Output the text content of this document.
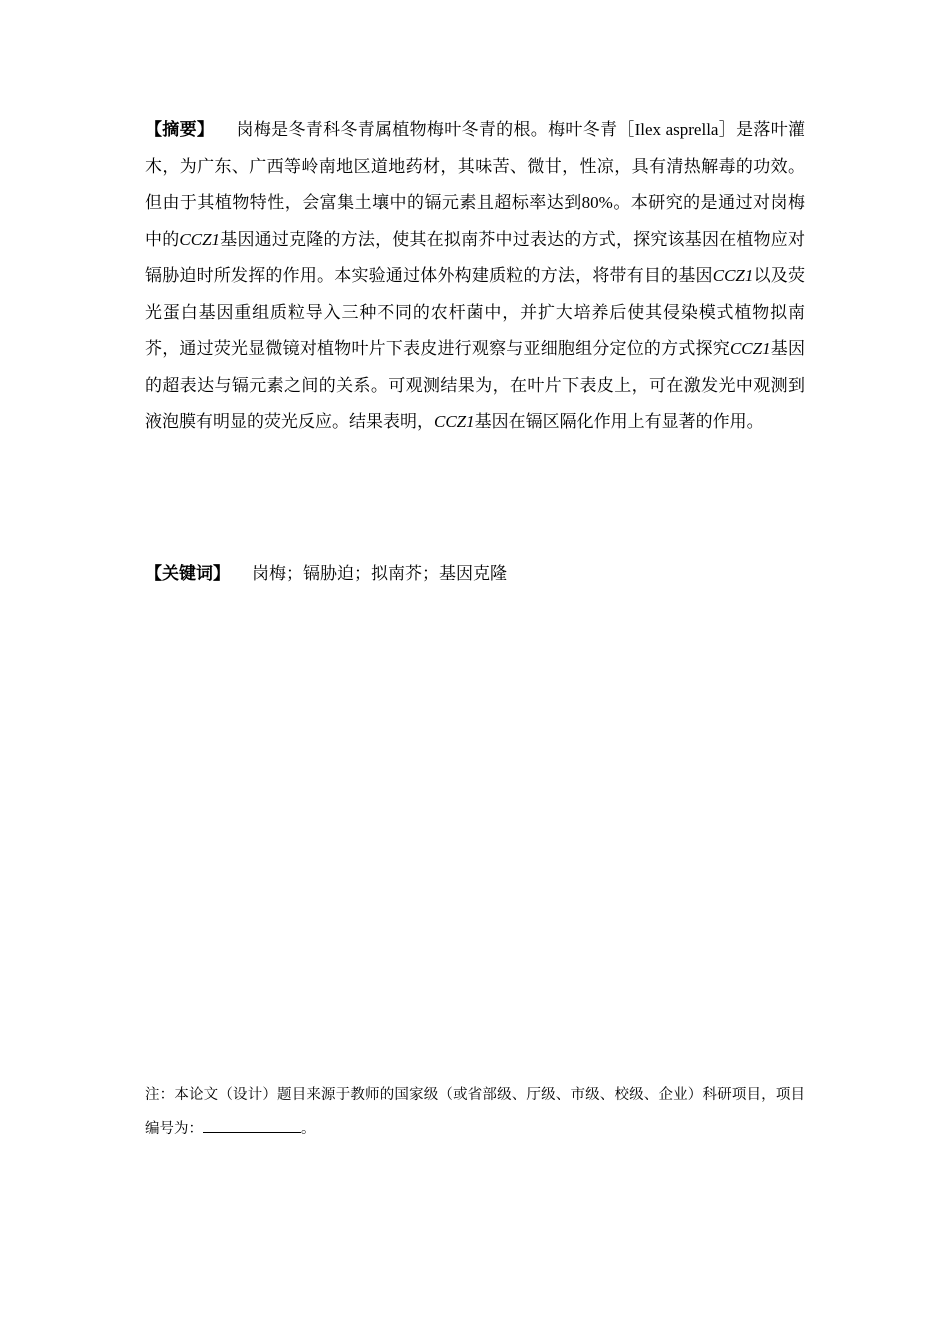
【摘要】 岗梅是冬青科冬青属植物梅叶冬青的根。梅叶冬青［Ilex asprella］是落叶灌木，为广东、广西等岭南地区道地药材，其味苦、微甘，性凉，具有清热解毒的功效。但由于其植物特性，会富集土壤中的镉元素且超标率达到80%。本研究的是通过对岗梅中的CCZ1基因通过克隆的方法，使其在拟南芥中过表达的方式，探究该基因在植物应对镉胁迫时所发挥的作用。本实验通过体外构建质粒的方法，将带有目的基因CCZ1以及荧光蛋白基因重组质粒导入三种不同的农杆菌中，并扩大培养后使其侵染模式植物拟南芥，通过荧光显微镜对植物叶片下表皮进行观察与亚细胞组分定位的方式探究CCZ1基因的超表达与镉元素之间的关系。可观测结果为，在叶片下表皮上，可在激发光中观测到液泡膜有明显的荧光反应。结果表明，CCZ1基因在镉区隔化作用上有显著的作用。

【关键词】 岗梅；镉胁迫；拟南芥；基因克隆

注：本论文（设计）题目来源于教师的国家级（或省部级、厅级、市级、校级、企业）科研项目，项目编号为：	。
